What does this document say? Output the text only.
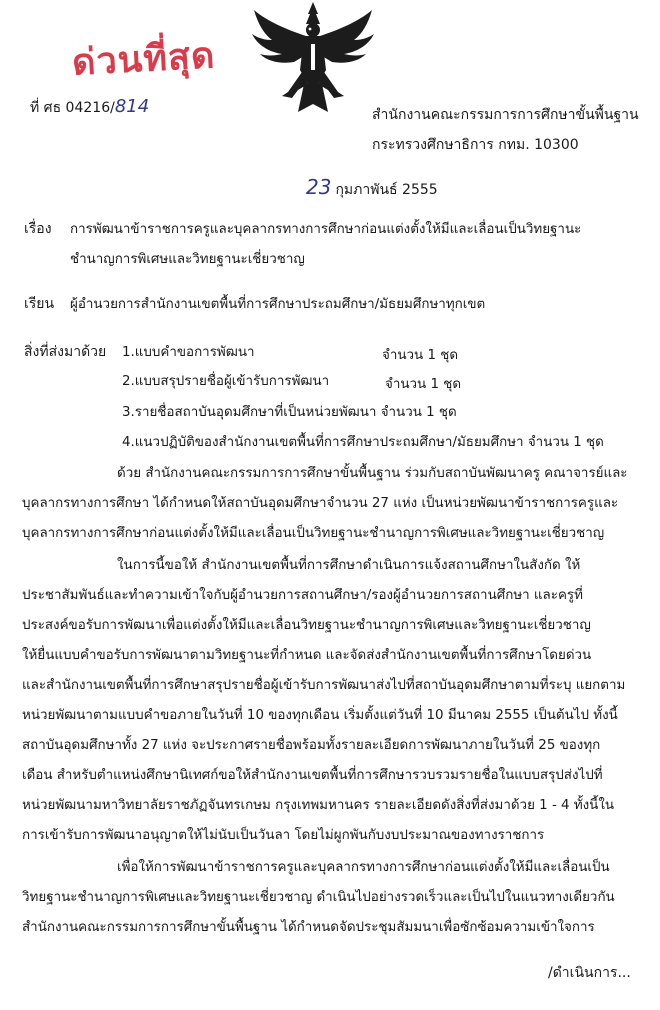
ด่วนที่สุด
ที่ ศธ 04216/814	สำนักงานคณะกรรมการการศึกษาขั้นพื้นฐาน
กระทรวงศึกษาธิการ กทม. 10300
23 กุมภาพันธ์ 2555
เรื่อง การพัฒนาข้าราชการครูและบุคลากรทางการศึกษาก่อนแต่งตั้งให้มีและเลื่อนเป็นวิทยฐานะ
ชำนาญการพิเศษและวิทยฐานะเชี่ยวชาญ
เรียน ผู้อำนวยการสำนักงานเขตพื้นที่การศึกษาประถมศึกษา/มัธยมศึกษาทุกเขต
สิ่งที่ส่งมาด้วย 1.แบบคำขอการพัฒนา	จำนวน 1 ชุด
2.แบบสรุปรายชื่อผู้เข้ารับการพัฒนา	จำนวน 1 ชุด
3.รายชื่อสถาบันอุดมศึกษาที่เป็นหน่วยพัฒนา จำนวน 1 ชุด
4.แนวปฏิบัติของสำนักงานเขตพื้นที่การศึกษาประถมศึกษา/มัธยมศึกษา จำนวน 1 ชุด
ด้วย สำนักงานคณะกรรมการการศึกษาขั้นพื้นฐาน ร่วมกับสถาบันพัฒนาครู คณาจารย์และ
บุคลากรทางการศึกษา ได้กำหนดให้สถาบันอุดมศึกษาจำนวน 27 แห่ง เป็นหน่วยพัฒนาข้าราชการครูและ
บุคลากรทางการศึกษาก่อนแต่งตั้งให้มีและเลื่อนเป็นวิทยฐานะชำนาญการพิเศษและวิทยฐานะเชี่ยวชาญ
ในการนี้ขอให้ สำนักงานเขตพื้นที่การศึกษาดำเนินการแจ้งสถานศึกษาในสังกัด ให้
ประชาสัมพันธ์และทำความเข้าใจกับผู้อำนวยการสถานศึกษา/รองผู้อำนวยการสถานศึกษา และครูที่
ประสงค์ขอรับการพัฒนาเพื่อแต่งตั้งให้มีและเลื่อนวิทยฐานะชำนาญการพิเศษและวิทยฐานะเชี่ยวชาญ
ให้ยื่นแบบคำขอรับการพัฒนาตามวิทยฐานะที่กำหนด และจัดส่งสำนักงานเขตพื้นที่การศึกษาโดยด่วน
และสำนักงานเขตพื้นที่การศึกษาสรุปรายชื่อผู้เข้ารับการพัฒนาส่งไปที่สถาบันอุดมศึกษาตามที่ระบุ แยกตาม
หน่วยพัฒนาตามแบบคำขอภายในวันที่ 10 ของทุกเดือน เริ่มตั้งแต่วันที่ 10 มีนาคม 2555 เป็นต้นไป ทั้งนี้
สถาบันอุดมศึกษาทั้ง 27 แห่ง จะประกาศรายชื่อพร้อมทั้งรายละเอียดการพัฒนาภายในวันที่ 25 ของทุก
เดือน สำหรับตำแหน่งศึกษานิเทศก์ขอให้สำนักงานเขตพื้นที่การศึกษารวบรวมรายชื่อในแบบสรุปส่งไปที่
หน่วยพัฒนามหาวิทยาลัยราชภัฏจันทรเกษม กรุงเทพมหานคร รายละเอียดดังสิ่งที่ส่งมาด้วย 1 - 4 ทั้งนี้ใน
การเข้ารับการพัฒนาอนุญาตให้ไม่นับเป็นวันลา โดยไม่ผูกพันกับงบประมาณของทางราชการ
เพื่อให้การพัฒนาข้าราชการครูและบุคลากรทางการศึกษาก่อนแต่งตั้งให้มีและเลื่อนเป็น
วิทยฐานะชำนาญการพิเศษและวิทยฐานะเชี่ยวชาญ ดำเนินไปอย่างรวดเร็วและเป็นไปในแนวทางเดียวกัน
สำนักงานคณะกรรมการการศึกษาขั้นพื้นฐาน ได้กำหนดจัดประชุมสัมมนาเพื่อซักซ้อมความเข้าใจการ
/ดำเนินการ...
